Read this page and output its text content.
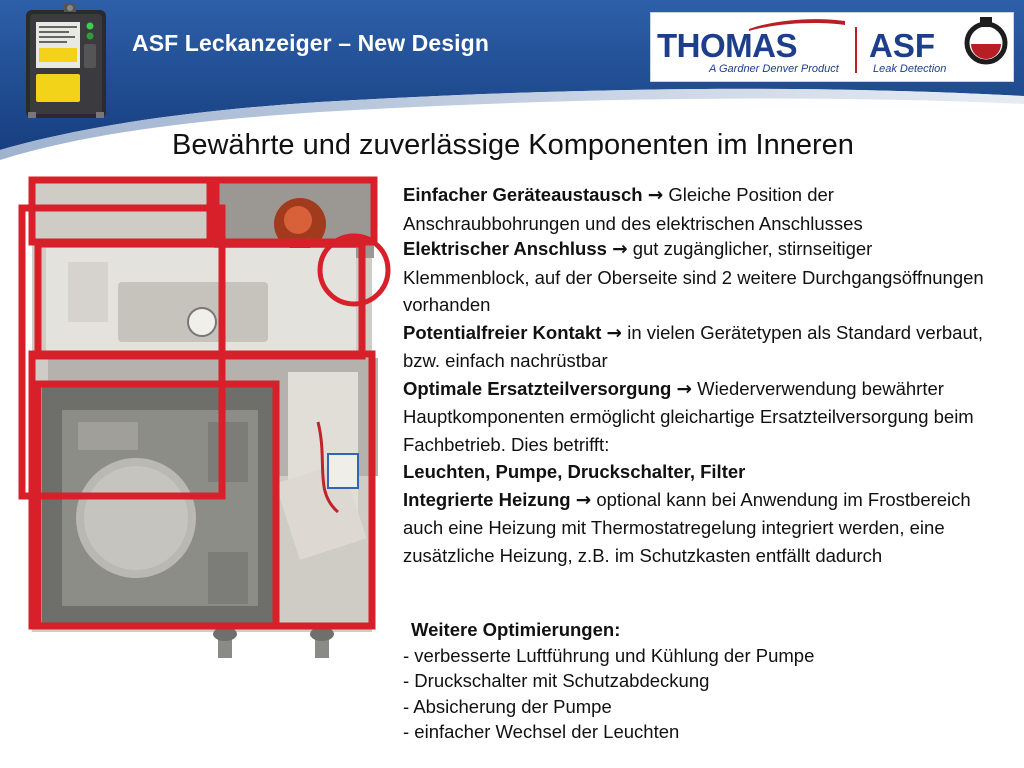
ASF Leckanzeiger – New Design	THOMAS
A Gardner Denver Product
ASF
Leak Detection
Bewährte und zuverlässige Komponenten im Inneren

Einfacher Geräteaustausch → Gleiche Position der Anschraubbohrungen und des elektrischen Anschlusses

Elektrischer Anschluss → gut zugänglicher, stirnseitiger Klemmenblock, auf der Oberseite sind 2 weitere Durchgangsöffnungen vorhanden

Potentialfreier Kontakt → in vielen Gerätetypen als Standard verbaut, bzw. einfach nachrüstbar

Optimale Ersatzteilversorgung → Wiederverwendung bewährter Hauptkomponenten ermöglicht gleichartige Ersatzteilversorgung beim Fachbetrieb. Dies betrifft:

Leuchten, Pumpe, Druckschalter, Filter

Integrierte Heizung → optional kann bei Anwendung im Frostbereich auch eine Heizung mit Thermostatregelung integriert werden, eine zusätzliche Heizung, z.B. im Schutzkasten entfällt dadurch

Weitere Optimierungen:

- verbesserte Luftführung und Kühlung der Pumpe

- Druckschalter mit Schutzabdeckung

- Absicherung der Pumpe

- einfacher Wechsel der Leuchten
